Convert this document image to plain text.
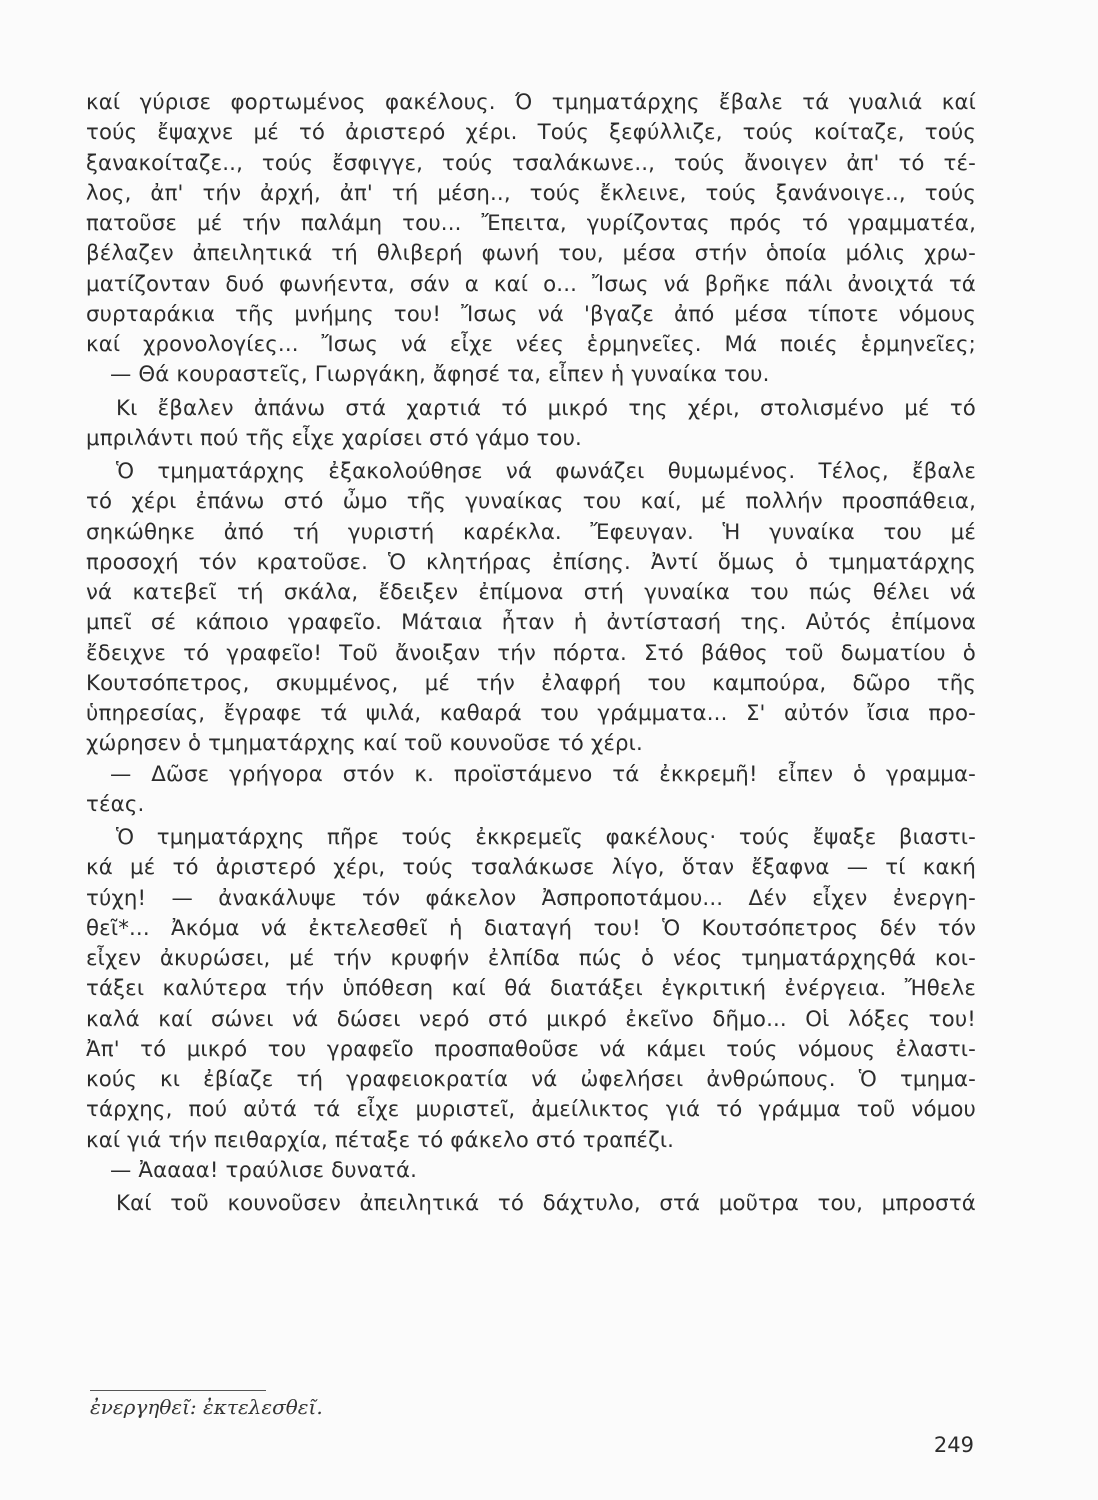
καί γύρισε φορτωμένος φακέλους. Ό τμηματάρχης ἔβαλε τά γυαλιά καί
τούς ἔψαχνε μέ τό ἀριστερό χέρι. Τούς ξεφύλλιζε, τούς κοίταζε, τούς
ξανακοίταζε.., τούς ἔσφιγγε, τούς τσαλάκωνε.., τούς ἄνοιγεν ἀπ' τό τέ-
λος, ἀπ' τήν ἀρχή, ἀπ' τή μέση.., τούς ἔκλεινε, τούς ξανάνοιγε.., τούς
πατοῦσε μέ τήν παλάμη του... Ἔπειτα, γυρίζοντας πρός τό γραμματέα,
βέλαζεν ἀπειλητικά τή θλιβερή φωνή του, μέσα στήν ὁποία μόλις χρω-
ματίζονταν δυό φωνήεντα, σάν α καί ο... Ἴσως νά βρῆκε πάλι ἀνοιχτά τά
συρταράκια τῆς μνήμης του! Ἴσως νά 'βγαζε ἀπό μέσα τίποτε νόμους
καί χρονολογίες... Ἴσως νά εἶχε νέες ἑρμηνεῖες. Μά ποιές ἑρμηνεῖες;
— Θά κουραστεῖς, Γιωργάκη, ἄφησέ τα, εἶπεν ἡ γυναίκα του.
Κι ἔβαλεν ἀπάνω στά χαρτιά τό μικρό της χέρι, στολισμένο μέ τό
μπριλάντι πού τῆς εἶχε χαρίσει στό γάμο του.
Ὁ τμηματάρχης ἐξακολούθησε νά φωνάζει θυμωμένος. Τέλος, ἔβαλε
τό χέρι ἐπάνω στό ὦμο τῆς γυναίκας του καί, μέ πολλήν προσπάθεια,
σηκώθηκε ἀπό τή γυριστή καρέκλα. Ἔφευγαν. Ἡ γυναίκα του μέ
προσοχή τόν κρατοῦσε. Ὁ κλητήρας ἐπίσης. Ἀντί ὅμως ὁ τμηματάρχης
νά κατεβεῖ τή σκάλα, ἔδειξεν ἐπίμονα στή γυναίκα του πώς θέλει νά
μπεῖ σέ κάποιο γραφεῖο. Μάταια ἦταν ἡ ἀντίστασή της. Αὐτός ἐπίμονα
ἔδειχνε τό γραφεῖο! Τοῦ ἄνοιξαν τήν πόρτα. Στό βάθος τοῦ δωματίου ὁ
Κουτσόπετρος, σκυμμένος, μέ τήν ἐλαφρή του καμπούρα, δῶρο τῆς
ὑπηρεσίας, ἔγραφε τά ψιλά, καθαρά του γράμματα... Σ' αὐτόν ἴσια προ-
χώρησεν ὁ τμηματάρχης καί τοῦ κουνοῦσε τό χέρι.
— Δῶσε γρήγορα στόν κ. προϊστάμενο τά ἐκκρεμῆ! εἶπεν ὁ γραμμα-
τέας.
Ὁ τμηματάρχης πῆρε τούς ἐκκρεμεῖς φακέλους· τούς ἔψαξε βιαστι-
κά μέ τό ἀριστερό χέρι, τούς τσαλάκωσε λίγο, ὅταν ἔξαφνα — τί κακή
τύχη! — ἀνακάλυψε τόν φάκελον Ἀσπροποτάμου... Δέν εἶχεν ἐνεργη-
θεῖ*... Ἀκόμα νά ἐκτελεσθεῖ ἡ διαταγή του! Ὁ Κουτσόπετρος δέν τόν
εἶχεν ἀκυρώσει, μέ τήν κρυφήν ἐλπίδα πώς ὁ νέος τμηματάρχηςθά κοι-
τάξει καλύτερα τήν ὑπόθεση καί θά διατάξει ἐγκριτική ἐνέργεια. Ἤθελε
καλά καί σώνει νά δώσει νερό στό μικρό ἐκεῖνο δῆμο... Οἱ λόξες του!
Ἀπ' τό μικρό του γραφεῖο προσπαθοῦσε νά κάμει τούς νόμους ἐλαστι-
κούς κι ἐβίαζε τή γραφειοκρατία νά ὠφελήσει ἀνθρώπους. Ὁ τμημα-
τάρχης, πού αὐτά τά εἶχε μυριστεῖ, ἀμείλικτος γιά τό γράμμα τοῦ νόμου
καί γιά τήν πειθαρχία, πέταξε τό φάκελο στό τραπέζι.
— Ἀαααα! τραύλισε δυνατά.
Καί τοῦ κουνοῦσεν ἀπειλητικά τό δάχτυλο, στά μοῦτρα του, μπροστά
ἐνεργηθεῖ: ἐκτελεσθεῖ.
249
